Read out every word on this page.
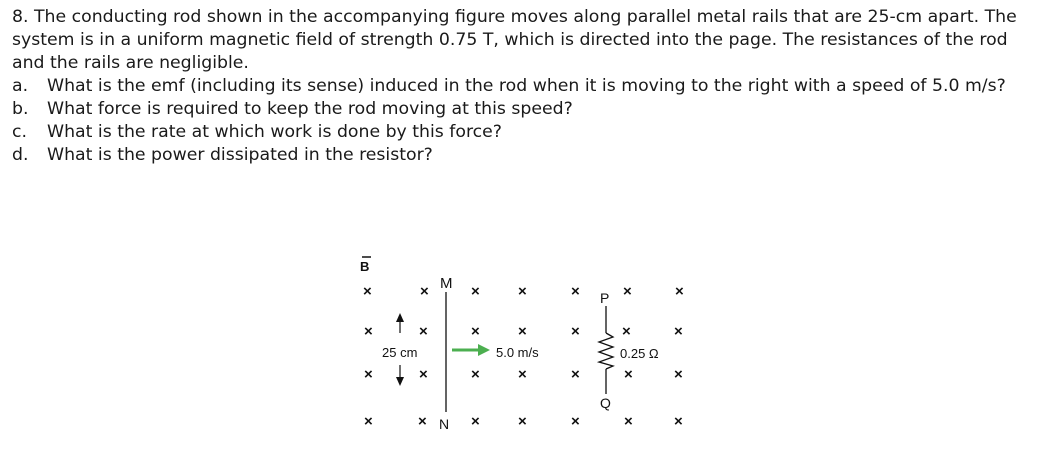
8. The conducting rod shown in the accompanying figure moves along parallel metal rails that are 25-cm apart. The system is in a uniform magnetic field of strength 0.75 T, which is directed into the page. The resistances of the rod and the rails are negligible.

a.	What is the emf (including its sense) induced in the rod when it is moving to the right with a speed of 5.0 m/s?
b.	What force is required to keep the rod moving at this speed?
c.	What is the rate at which work is done by this force?
d.	What is the power dissipated in the resistor?
×	×	×	×	×	×	×
×	×	×	×	×	×	×
×	×	×	×	×	×	×
×	×	×	×	×	×	×
B
M
N
P
Q
0.25 Ω
25 cm	5.0 m/s
